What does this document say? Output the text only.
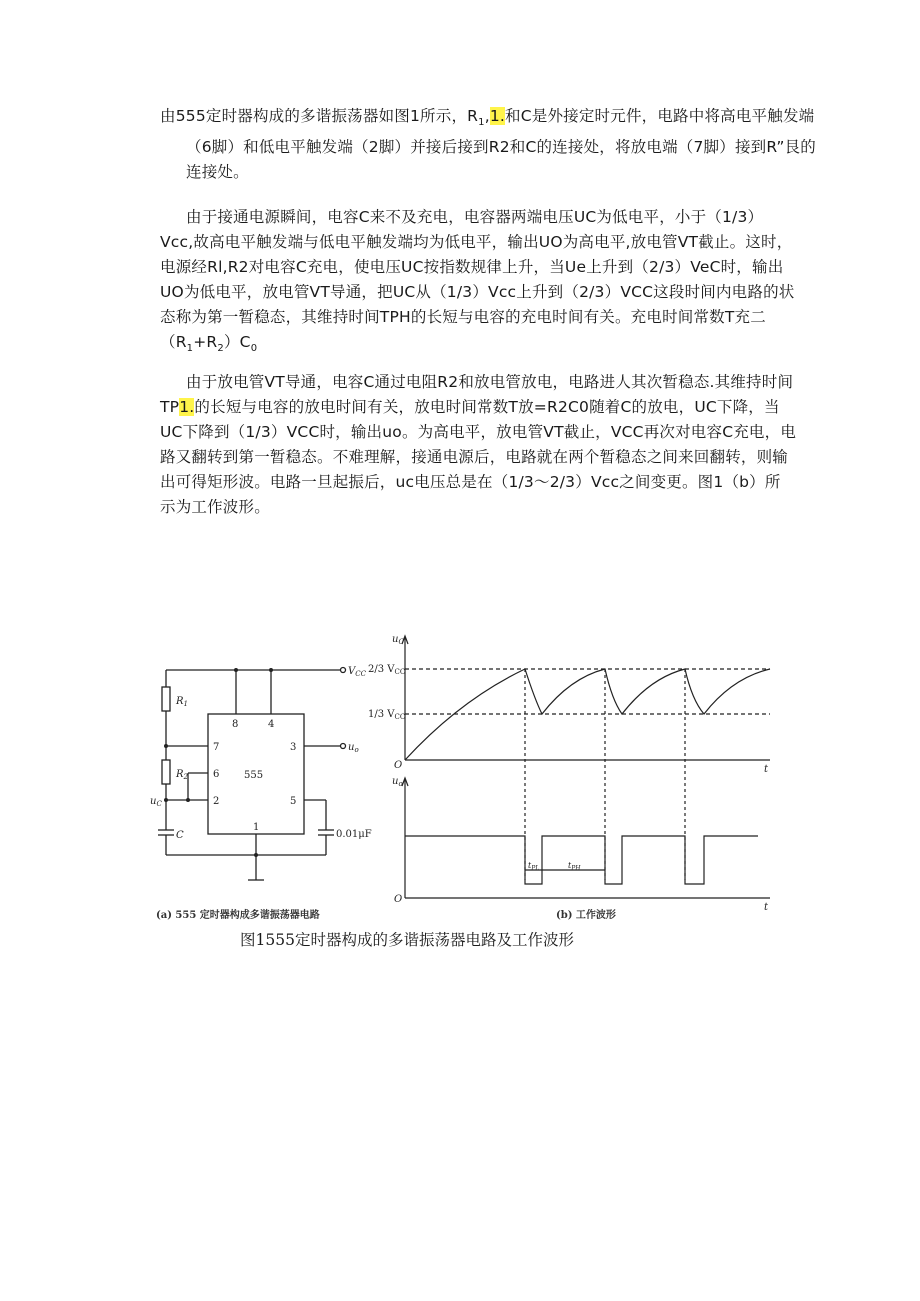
由555定时器构成的多谐振荡器如图1所示，$R_1,1$.和C是外接定时元件，电路中将高电平触发端（6脚）和低电平触发端（2脚）并接后接到R2和C的连接处，将放电端（7脚）接到R”艮的连接处。

由于接通电源瞬间，电容C来不及充电，电容器两端电压UC为低电平，小于（1/3）Vcc,故高电平触发端与低电平触发端均为低电平，输出UO为高电平,放电管VT截止。这时，电源经Rl,R2对电容C充电，使电压UC按指数规律上升，当Ue上升到（2/3）VeC时，输出UO为低电平，放电管VT导通，把UC从（1/3）Vcc上升到（2/3）VCC这段时间内电路的状态称为第一暂稳态，其维持时间TPH的长短与电容的充电时间有关。充电时间常数T充二$(R_1+R_2)C_0$

由于放电管VT导通，电容C通过电阻R2和放电管放电，电路进人其次暂稳态.其维持时间TP1.的长短与电容的放电时间有关，放电时间常数T放=R2C0随着C的放电，UC下降，当UC下降到（1/3）VCC时，输出uo。为高电平，放电管VT截止，VCC再次对电容C充电，电路又翻转到第一暂稳态。不难理解，接通电源后，电路就在两个暂稳态之间来回翻转，则输出可得矩形波。电路一旦起振后，uc电压总是在（1/3〜2/3）Vcc之间变更。图1（b）所示为工作波形。

$V_{CC}$
$R_1$
$R_2$
C
$u_C$
$u_o$
555
8	4
7	3
6
2	5
1
0.01μF
$u_C$
2/3 $V_{CC}$
1/3 $V_{CC}$
O	t
$u_o$
O
t
$t_{PL}$	$t_{PH}$
(a) 555 定时器构成多谐振荡器电路	(b) 工作波形
图1555定时器构成的多谐振荡器电路及工作波形
